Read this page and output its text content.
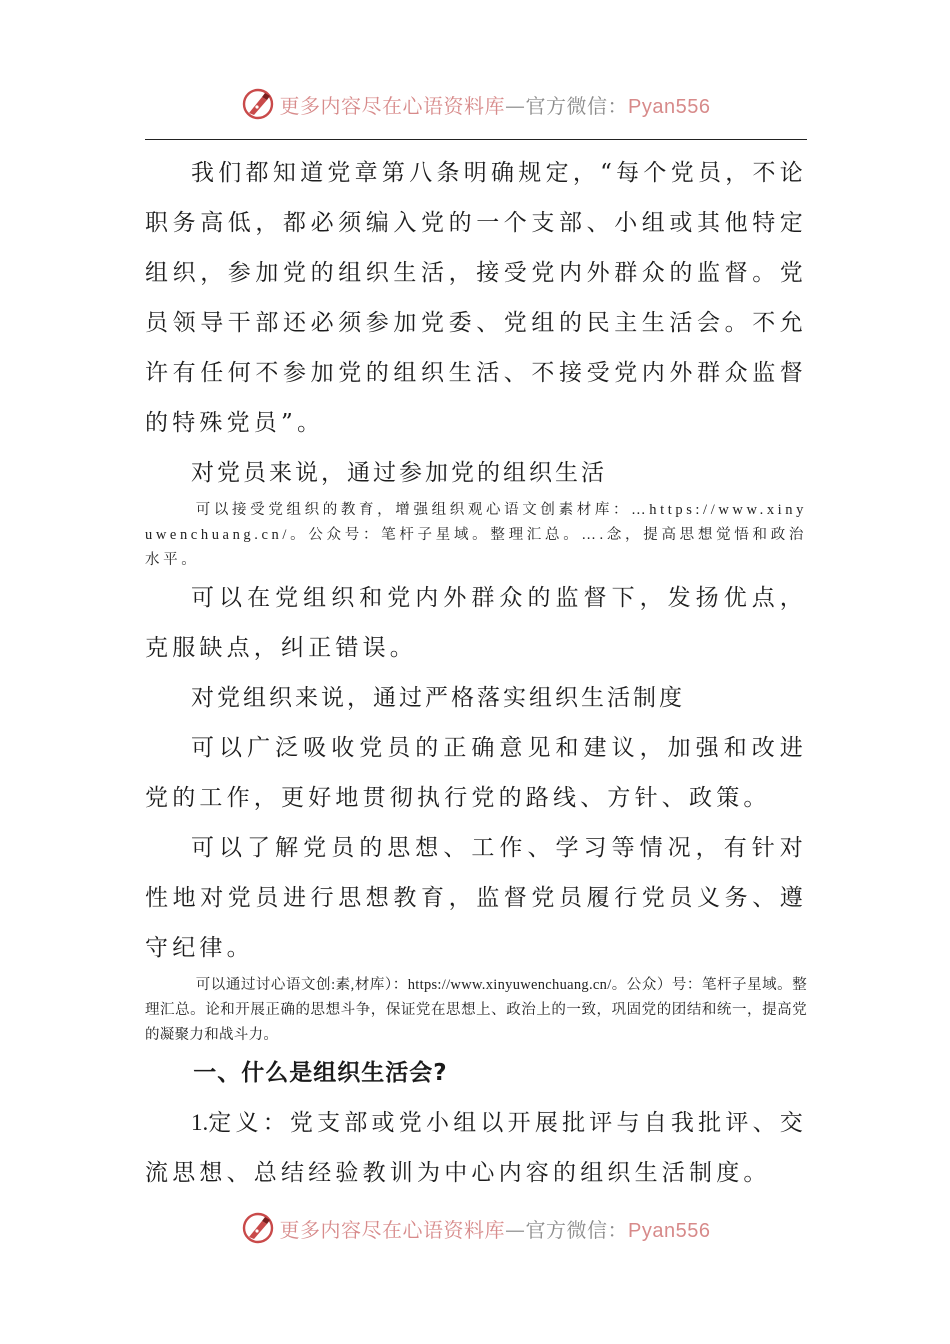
更多内容尽在心语资料库—官方微信：Pyan556

我们都知道党章第八条明确规定，“每个党员，不论职务高低，都必须编入党的一个支部、小组或其他特定组织，参加党的组织生活，接受党内外群众的监督。党员领导干部还必须参加党委、党组的民主生活会。不允许有任何不参加党的组织生活、不接受党内外群众监督的特殊党员”。

对党员来说，通过参加党的组织生活

可以接受党组织的教育，增强组织观心语文创素材库：…https://www.xinyuwenchuang.cn/。公众号：笔杆子星域。整理汇总。….念，提高思想觉悟和政治水平。

可以在党组织和党内外群众的监督下，发扬优点，克服缺点，纠正错误。

对党组织来说，通过严格落实组织生活制度

可以广泛吸收党员的正确意见和建议，加强和改进党的工作，更好地贯彻执行党的路线、方针、政策。

可以了解党员的思想、工作、学习等情况，有针对性地对党员进行思想教育，监督党员履行党员义务、遵守纪律。

可以通过讨心语文创:素,材库）：https://www.xinyuwenchuang.cn/。公众）号：笔杆子星域。整理汇总。论和开展正确的思想斗争，保证党在思想上、政治上的一致，巩固党的团结和统一，提高党的凝聚力和战斗力。

一、什么是组织生活会?

1.定义：党支部或党小组以开展批评与自我批评、交流思想、总结经验教训为中心内容的组织生活制度。

更多内容尽在心语资料库—官方微信：Pyan556
